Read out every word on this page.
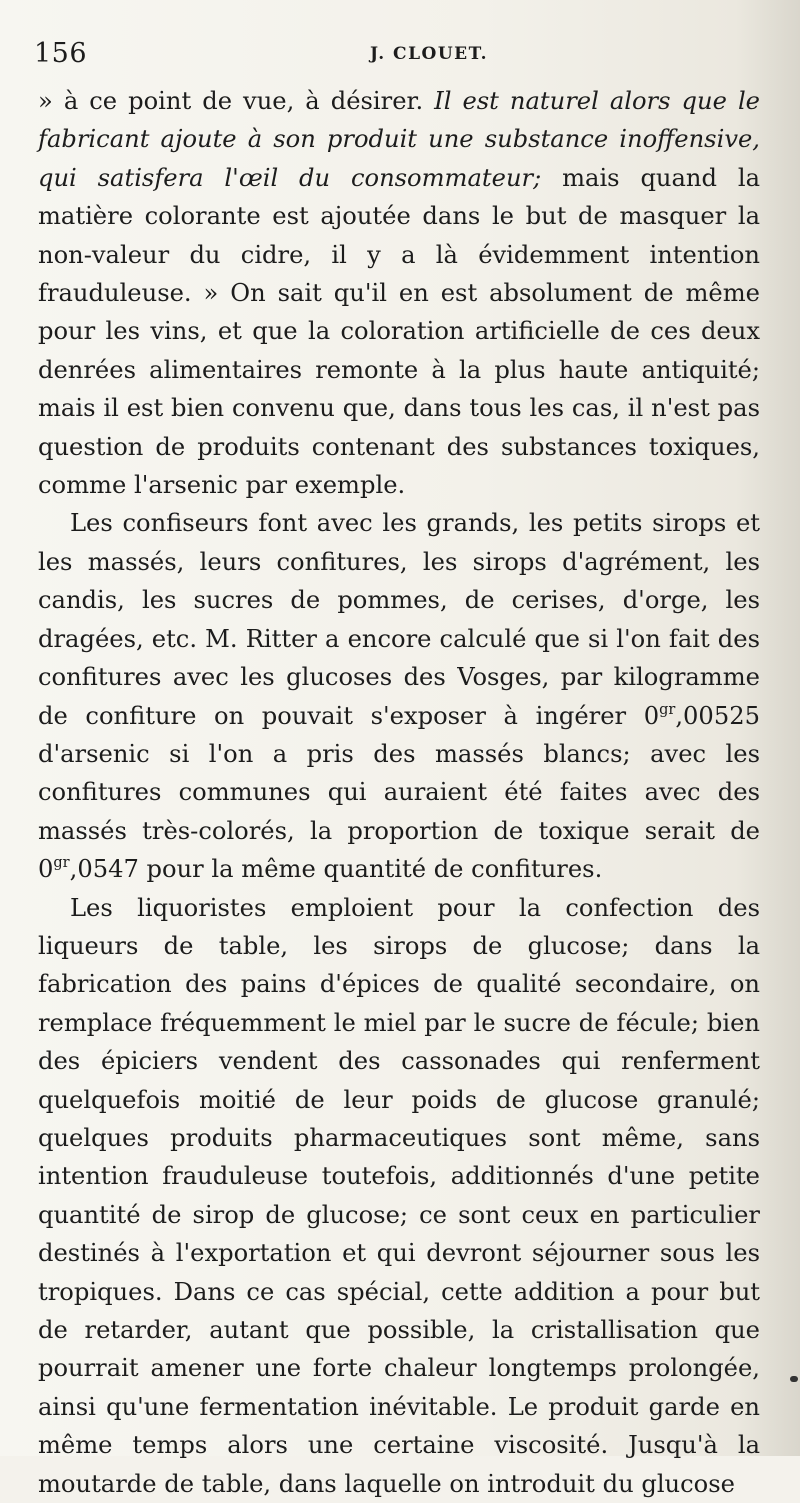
156	J. CLOUET.

» à ce point de vue, à désirer. Il est naturel alors que le fabricant ajoute à son produit une substance inoffensive, qui satisfera l'œil du consommateur; mais quand la matière colorante est ajoutée dans le but de masquer la non-valeur du cidre, il y a là évidemment intention frauduleuse. » On sait qu'il en est absolument de même pour les vins, et que la coloration artificielle de ces deux denrées alimentaires remonte à la plus haute antiquité; mais il est bien convenu que, dans tous les cas, il n'est pas question de produits contenant des substances toxiques, comme l'arsenic par exemple.

Les confiseurs font avec les grands, les petits sirops et les massés, leurs confitures, les sirops d'agrément, les candis, les sucres de pommes, de cerises, d'orge, les dragées, etc. M. Ritter a encore calculé que si l'on fait des confitures avec les glucoses des Vosges, par kilogramme de confiture on pouvait s'exposer à ingérer $0^{gr},00525$ d'arsenic si l'on a pris des massés blancs; avec les confitures communes qui auraient été faites avec des massés très-colorés, la proportion de toxique serait de $0^{gr},0547$ pour la même quantité de confitures.

Les liquoristes emploient pour la confection des liqueurs de table, les sirops de glucose; dans la fabrication des pains d'épices de qualité secondaire, on remplace fréquemment le miel par le sucre de fécule; bien des épiciers vendent des cassonades qui renferment quelquefois moitié de leur poids de glucose granulé; quelques produits pharmaceutiques sont même, sans intention frauduleuse toutefois, additionnés d'une petite quantité de sirop de glucose; ce sont ceux en particulier destinés à l'exportation et qui devront séjourner sous les tropiques. Dans ce cas spécial, cette addition a pour but de retarder, autant que possible, la cristallisation que pourrait amener une forte chaleur longtemps prolongée, ainsi qu'une fermentation inévitable. Le produit garde en même temps alors une certaine viscosité. Jusqu'à la moutarde de table, dans laquelle on introduit du glucose
